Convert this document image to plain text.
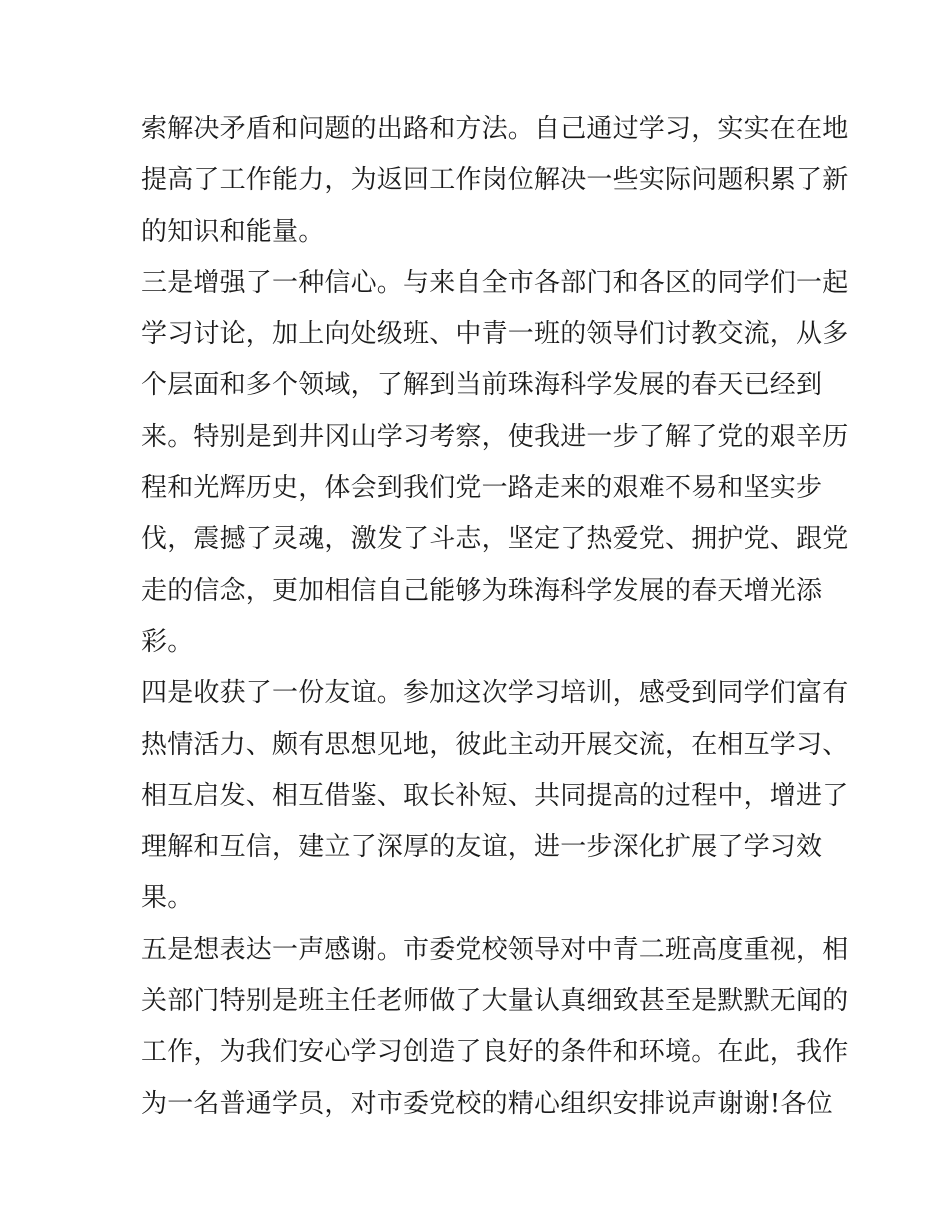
索解决矛盾和问题的出路和方法。自己通过学习，实实在在地
提高了工作能力，为返回工作岗位解决一些实际问题积累了新
的知识和能量。
三是增强了一种信心。与来自全市各部门和各区的同学们一起
学习讨论，加上向处级班、中青一班的领导们讨教交流，从多
个层面和多个领域，了解到当前珠海科学发展的春天已经到
来。特别是到井冈山学习考察，使我进一步了解了党的艰辛历
程和光辉历史，体会到我们党一路走来的艰难不易和坚实步
伐，震撼了灵魂，激发了斗志，坚定了热爱党、拥护党、跟党
走的信念，更加相信自己能够为珠海科学发展的春天增光添
彩。
四是收获了一份友谊。参加这次学习培训，感受到同学们富有
热情活力、颇有思想见地，彼此主动开展交流，在相互学习、
相互启发、相互借鉴、取长补短、共同提高的过程中，增进了
理解和互信，建立了深厚的友谊，进一步深化扩展了学习效
果。
五是想表达一声感谢。市委党校领导对中青二班高度重视，相
关部门特别是班主任老师做了大量认真细致甚至是默默无闻的
工作，为我们安心学习创造了良好的条件和环境。在此，我作
为一名普通学员，对市委党校的精心组织安排说声谢谢!各位
